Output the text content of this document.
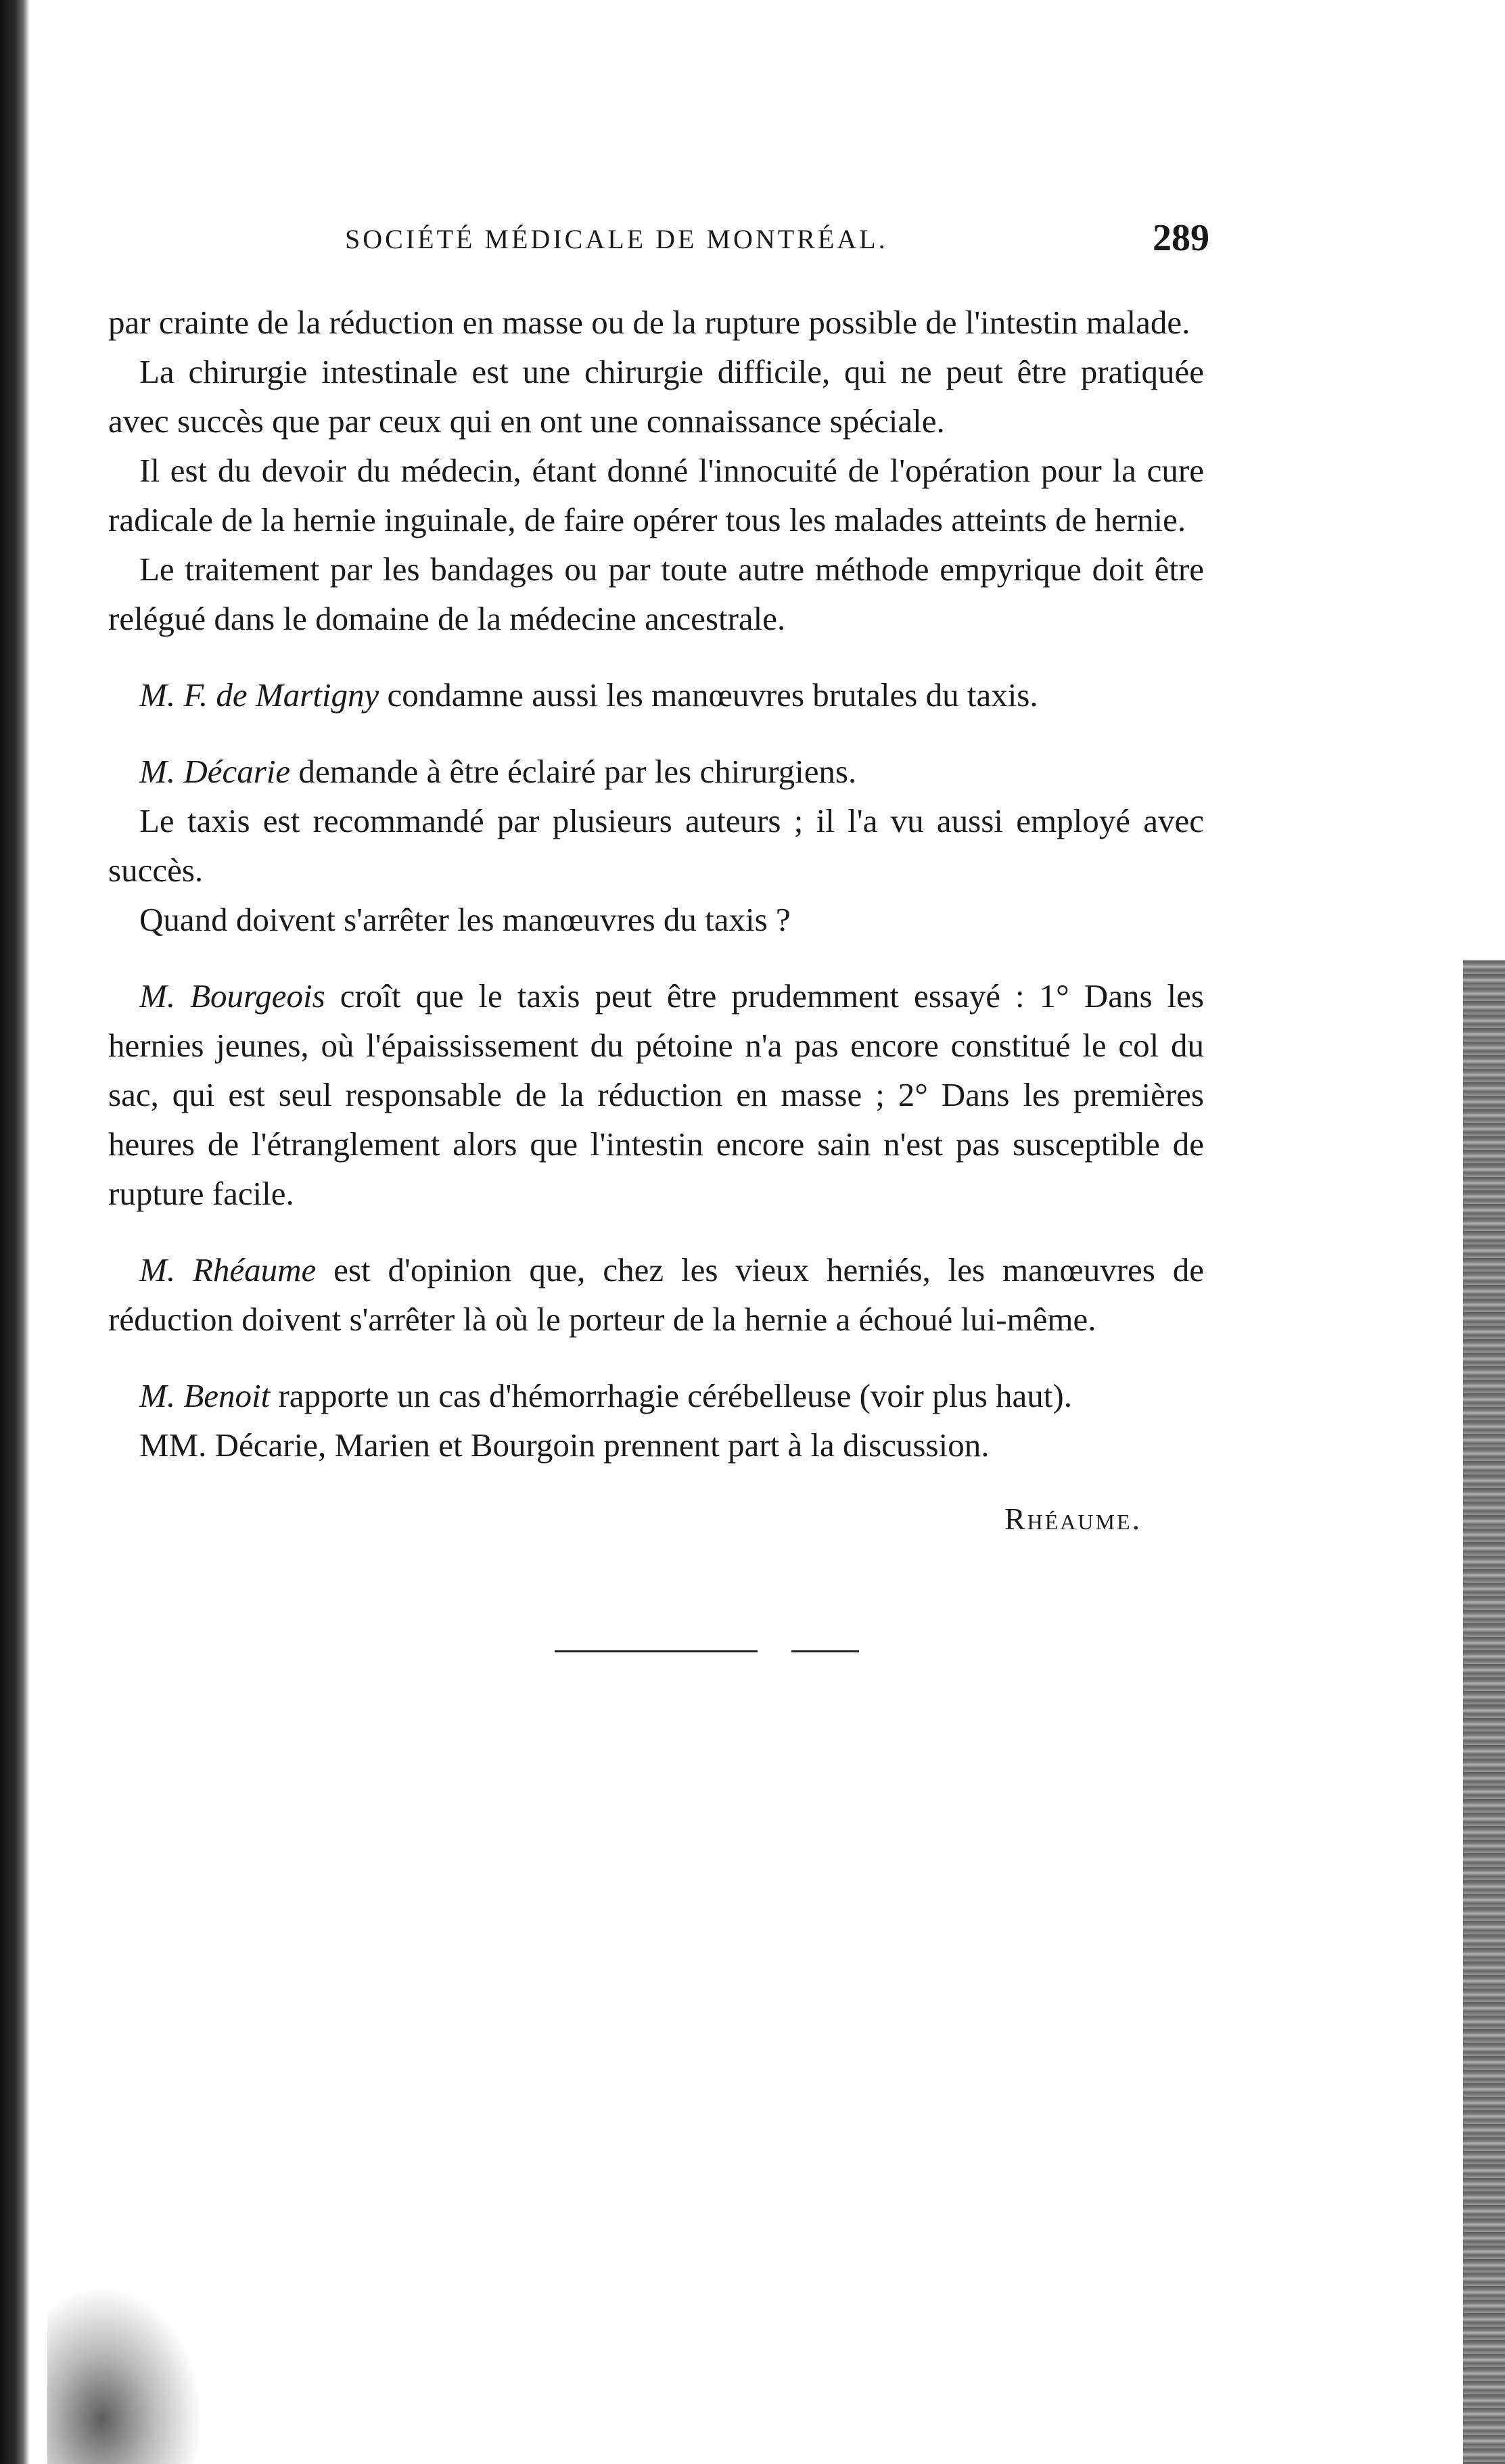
SOCIÉTÉ MÉDICALE DE MONTRÉAL.	289

par crainte de la réduction en masse ou de la rupture possible de l'intestin malade.

La chirurgie intestinale est une chirurgie difficile, qui ne peut être pratiquée avec succès que par ceux qui en ont une connaissance spéciale.

Il est du devoir du médecin, étant donné l'innocuité de l'opération pour la cure radicale de la hernie inguinale, de faire opérer tous les malades atteints de hernie.

Le traitement par les bandages ou par toute autre méthode empyrique doit être relégué dans le domaine de la médecine ancestrale.

M. F. de Martigny condamne aussi les manœuvres brutales du taxis.

M. Décarie demande à être éclairé par les chirurgiens.

Le taxis est recommandé par plusieurs auteurs ; il l'a vu aussi employé avec succès.

Quand doivent s'arrêter les manœuvres du taxis ?

M. Bourgeois croît que le taxis peut être prudemment essayé : 1° Dans les hernies jeunes, où l'épaississement du pétoine n'a pas encore constitué le col du sac, qui est seul responsable de la réduction en masse ; 2° Dans les premières heures de l'étranglement alors que l'intestin encore sain n'est pas susceptible de rupture facile.

M. Rhéaume est d'opinion que, chez les vieux herniés, les manœuvres de réduction doivent s'arrêter là où le porteur de la hernie a échoué lui-même.

M. Benoit rapporte un cas d'hémorrhagie cérébelleuse (voir plus haut).

MM. Décarie, Marien et Bourgoin prennent part à la discussion.

Rhéaume.
